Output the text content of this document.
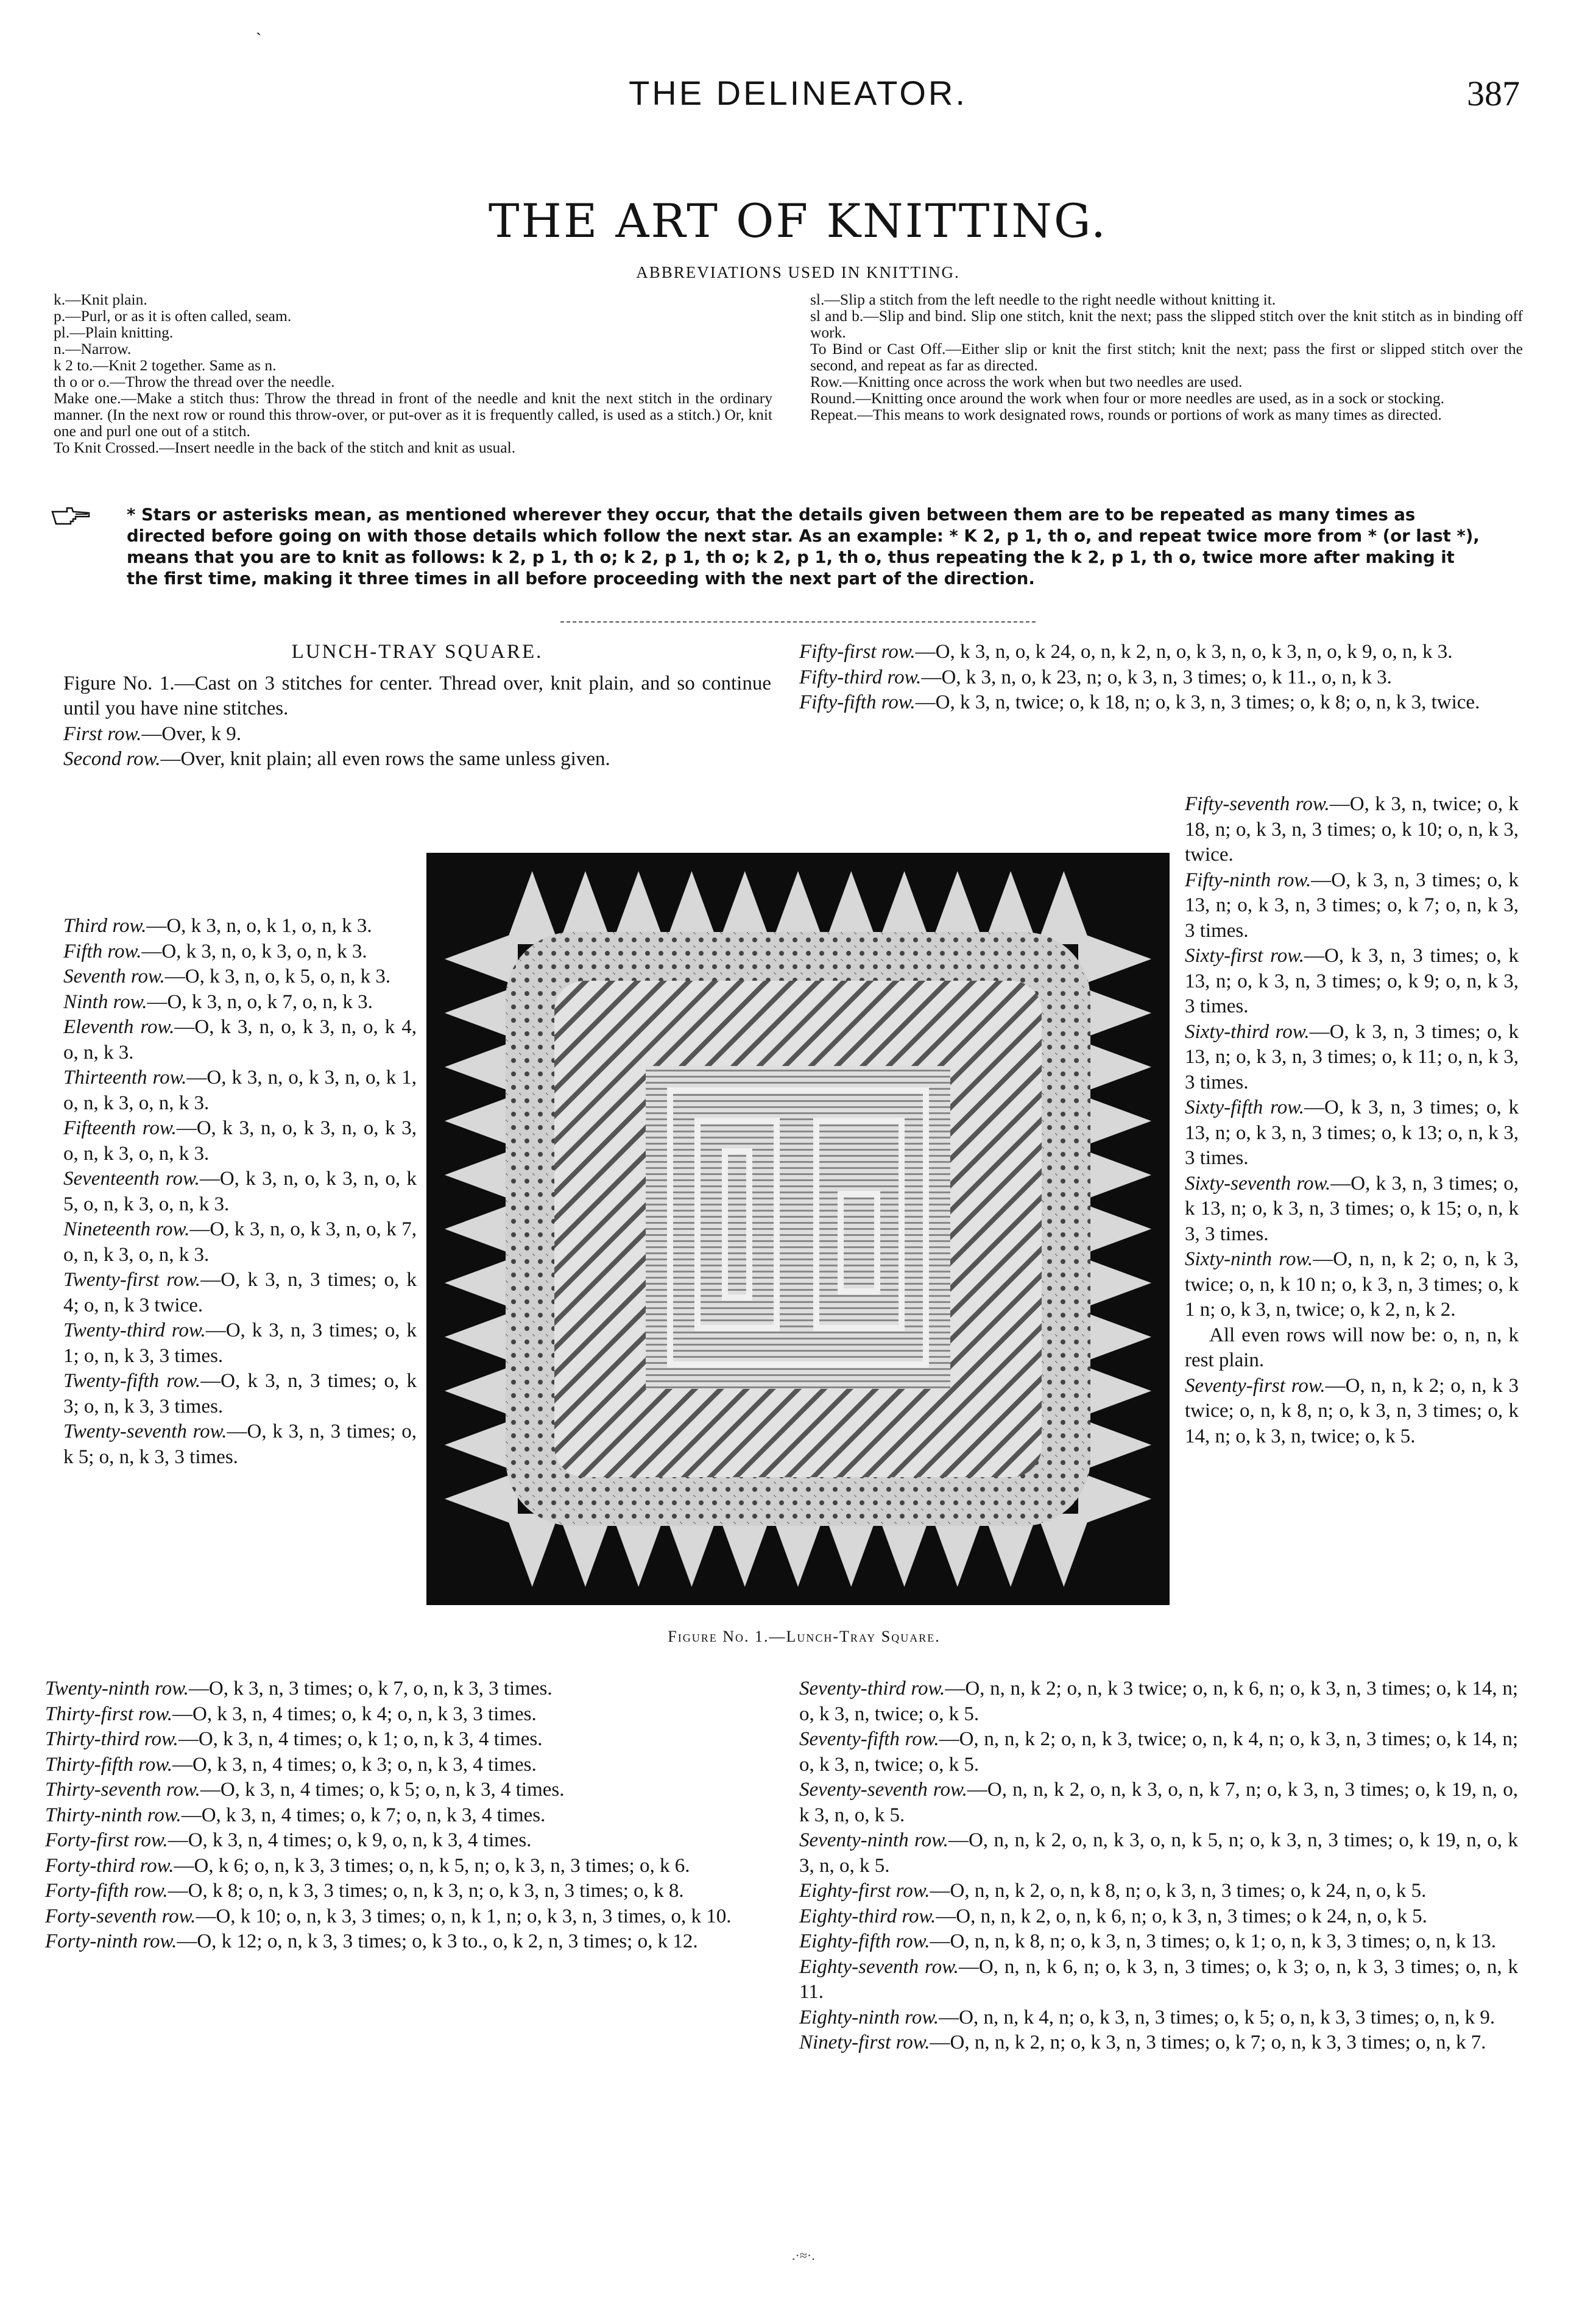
ˎ
THE DELINEATOR.	387
THE ART OF KNITTING.
ABBREVIATIONS USED IN KNITTING.

k.—Knit plain.

p.—Purl, or as it is often called, seam.

pl.—Plain knitting.

n.—Narrow.

k 2 to.—Knit 2 together. Same as n.

th o or o.—Throw the thread over the needle.

Make one.—Make a stitch thus: Throw the thread in front of the needle and knit the next stitch in the ordinary manner. (In the next row or round this throw-over, or put-over as it is frequently called, is used as a stitch.) Or, knit one and purl one out of a stitch.

To Knit Crossed.—Insert needle in the back of the stitch and knit as usual.

sl.—Slip a stitch from the left needle to the right needle without knitting it.

sl and b.—Slip and bind. Slip one stitch, knit the next; pass the slipped stitch over the knit stitch as in binding off work.

To Bind or Cast Off.—Either slip or knit the first stitch; knit the next; pass the first or slipped stitch over the second, and repeat as far as directed.

Row.—Knitting once across the work when but two needles are used.

Round.—Knitting once around the work when four or more needles are used, as in a sock or stocking.

Repeat.—This means to work designated rows, rounds or portions of work as many times as directed.

* Stars or asterisks mean, as mentioned wherever they occur, that the details given between them are to be repeated as many times as directed before going on with those details which follow the next star. As an example: * K 2, p 1, th o, and repeat twice more from * (or last *), means that you are to knit as follows: k 2, p 1, th o; k 2, p 1, th o; k 2, p 1, th o, thus repeating the k 2, p 1, th o, twice more after making it the first time, making it three times in all before proceeding with the next part of the direction.

LUNCH-TRAY SQUARE.

Figure No. 1.—Cast on 3 stitches for center. Thread over, knit plain, and so continue until you have nine stitches.

First row.—Over, k 9.

Second row.—Over, knit plain; all even rows the same unless given.

Third row.—O, k 3, n, o, k 1, o, n, k 3.

Fifth row.—O, k 3, n, o, k 3, o, n, k 3.

Seventh row.—O, k 3, n, o, k 5, o, n, k 3.

Ninth row.—O, k 3, n, o, k 7, o, n, k 3.

Eleventh row.—O, k 3, n, o, k 3, n, o, k 4, o, n, k 3.

Thirteenth row.—O, k 3, n, o, k 3, n, o, k 1, o, n, k 3, o, n, k 3.

Fifteenth row.—O, k 3, n, o, k 3, n, o, k 3, o, n, k 3, o, n, k 3.

Seventeenth row.—O, k 3, n, o, k 3, n, o, k 5, o, n, k 3, o, n, k 3.

Nineteenth row.—O, k 3, n, o, k 3, n, o, k 7, o, n, k 3, o, n, k 3.

Twenty-first row.—O, k 3, n, 3 times; o, k 4; o, n, k 3 twice.

Twenty-third row.—O, k 3, n, 3 times; o, k 1; o, n, k 3, 3 times.

Twenty-fifth row.—O, k 3, n, 3 times; o, k 3; o, n, k 3, 3 times.

Twenty-seventh row.—O, k 3, n, 3 times; o, k 5; o, n, k 3, 3 times.

Fifty-first row.—O, k 3, n, o, k 24, o, n, k 2, n, o, k 3, n, o, k 3, n, o, k 9, o, n, k 3.

Fifty-third row.—O, k 3, n, o, k 23, n; o, k 3, n, 3 times; o, k 11., o, n, k 3.

Fifty-fifth row.—O, k 3, n, twice; o, k 18, n; o, k 3, n, 3 times; o, k 8; o, n, k 3, twice.

Fifty-seventh row.—O, k 3, n, twice; o, k 18, n; o, k 3, n, 3 times; o, k 10; o, n, k 3, twice.

Fifty-ninth row.—O, k 3, n, 3 times; o, k 13, n; o, k 3, n, 3 times; o, k 7; o, n, k 3, 3 times.

Sixty-first row.—O, k 3, n, 3 times; o, k 13, n; o, k 3, n, 3 times; o, k 9; o, n, k 3, 3 times.

Sixty-third row.—O, k 3, n, 3 times; o, k 13, n; o, k 3, n, 3 times; o, k 11; o, n, k 3, 3 times.

Sixty-fifth row.—O, k 3, n, 3 times; o, k 13, n; o, k 3, n, 3 times; o, k 13; o, n, k 3, 3 times.

Sixty-seventh row.—O, k 3, n, 3 times; o, k 13, n; o, k 3, n, 3 times; o, k 15; o, n, k 3, 3 times.

Sixty-ninth row.—O, n, n, k 2; o, n, k 3, twice; o, n, k 10 n; o, k 3, n, 3 times; o, k 1 n; o, k 3, n, twice; o, k 2, n, k 2.

All even rows will now be: o, n, n, k rest plain.

Seventy-first row.—O, n, n, k 2; o, n, k 3 twice; o, n, k 8, n; o, k 3, n, 3 times; o, k 14, n; o, k 3, n, twice; o, k 5.

Figure No. 1.—Lunch-Tray Square.

Twenty-ninth row.—O, k 3, n, 3 times; o, k 7, o, n, k 3, 3 times.

Thirty-first row.—O, k 3, n, 4 times; o, k 4; o, n, k 3, 3 times.

Thirty-third row.—O, k 3, n, 4 times; o, k 1; o, n, k 3, 4 times.

Thirty-fifth row.—O, k 3, n, 4 times; o, k 3; o, n, k 3, 4 times.

Thirty-seventh row.—O, k 3, n, 4 times; o, k 5; o, n, k 3, 4 times.

Thirty-ninth row.—O, k 3, n, 4 times; o, k 7; o, n, k 3, 4 times.

Forty-first row.—O, k 3, n, 4 times; o, k 9, o, n, k 3, 4 times.

Forty-third row.—O, k 6; o, n, k 3, 3 times; o, n, k 5, n; o, k 3, n, 3 times; o, k 6.

Forty-fifth row.—O, k 8; o, n, k 3, 3 times; o, n, k 3, n; o, k 3, n, 3 times; o, k 8.

Forty-seventh row.—O, k 10; o, n, k 3, 3 times; o, n, k 1, n; o, k 3, n, 3 times, o, k 10.

Forty-ninth row.—O, k 12; o, n, k 3, 3 times; o, k 3 to., o, k 2, n, 3 times; o, k 12.

Seventy-third row.—O, n, n, k 2; o, n, k 3 twice; o, n, k 6, n; o, k 3, n, 3 times; o, k 14, n; o, k 3, n, twice; o, k 5.

Seventy-fifth row.—O, n, n, k 2; o, n, k 3, twice; o, n, k 4, n; o, k 3, n, 3 times; o, k 14, n; o, k 3, n, twice; o, k 5.

Seventy-seventh row.—O, n, n, k 2, o, n, k 3, o, n, k 7, n; o, k 3, n, 3 times; o, k 19, n, o, k 3, n, o, k 5.

Seventy-ninth row.—O, n, n, k 2, o, n, k 3, o, n, k 5, n; o, k 3, n, 3 times; o, k 19, n, o, k 3, n, o, k 5.

Eighty-first row.—O, n, n, k 2, o, n, k 8, n; o, k 3, n, 3 times; o, k 24, n, o, k 5.

Eighty-third row.—O, n, n, k 2, o, n, k 6, n; o, k 3, n, 3 times; o k 24, n, o, k 5.

Eighty-fifth row.—O, n, n, k 8, n; o, k 3, n, 3 times; o, k 1; o, n, k 3, 3 times; o, n, k 13.

Eighty-seventh row.—O, n, n, k 6, n; o, k 3, n, 3 times; o, k 3; o, n, k 3, 3 times; o, n, k 11.

Eighty-ninth row.—O, n, n, k 4, n; o, k 3, n, 3 times; o, k 5; o, n, k 3, 3 times; o, n, k 9.

Ninety-first row.—O, n, n, k 2, n; o, k 3, n, 3 times; o, k 7; o, n, k 3, 3 times; o, n, k 7.

.·≈·.
